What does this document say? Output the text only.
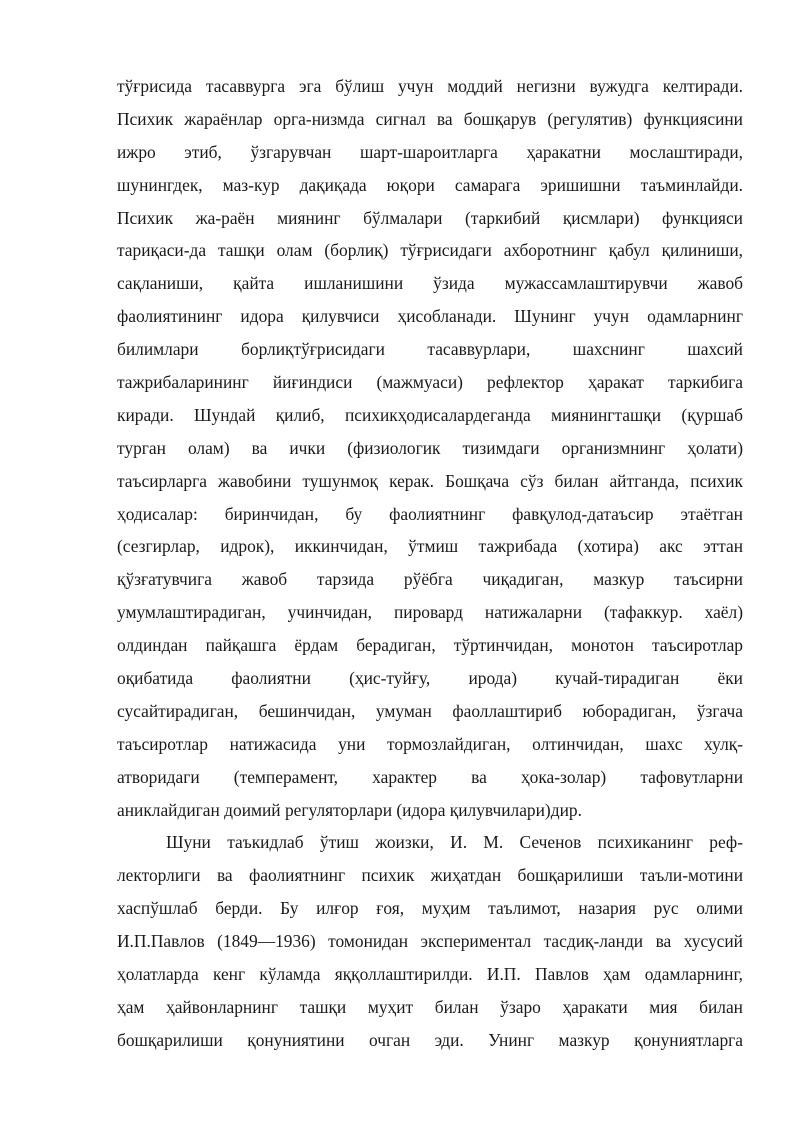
тўғрисида тасаввурга эга бўлиш учун моддий негизни вужудга келтиради.
Психик жараёнлар орга-низмда сигнал ва бошқарув (регулятив) функциясини
ижро этиб, ўзгарувчан шарт-шароитларга ҳаракатни мослаштиради,
шунингдек, маз-кур дақиқада юқори самарага эришишни таъминлайди.
Психик жа-раён миянинг бўлмалари (таркибий қисмлари) функцияси
тариқаси-да ташқи олам (борлиқ) тўғрисидаги ахборотнинг қабул қилиниши,
сақланиши, қайта ишланишини ўзида мужассамлаштирувчи жавоб
фаолиятининг идора қилувчиси ҳисобланади. Шунинг учун одамларнинг
билимлари борлиқтўғрисидаги тасаввурлари, шахснинг шахсий
тажрибаларининг йиғиндиси (мажмуаси) рефлектор ҳаракат таркибига
киради. Шундай қилиб, психикҳодисалардеганда миянингташқи (қуршаб
турган олам) ва ички (физиологик тизимдаги организмнинг ҳолати)
таъсирларга жавобини тушунмоқ керак. Бошқача сўз билан айтганда, психик
ҳодисалар: биринчидан, бу фаолиятнинг фавқулод-датаъсир этаётган
(сезгирлар, идрок), иккинчидан, ўтмиш тажрибада (хотира) акс эттан
қўзғатувчига жавоб тарзида рўёбга чиқадиган, мазкур таъсирни
умумлаштирадиган, учинчидан, пировард натижаларни (тафаккур. хаёл)
олдиндан пайқашга ёрдам берадиган, тўртинчидан, монотон таъсиротлар
оқибатида фаолиятни (ҳис-туйғу, ирода) кучай-тирадиган ёки
сусайтирадиган, бешинчидан, умуман фаоллаштириб юборадиган, ўзгача
таъсиротлар натижасида уни тормозлайдиган, олтинчидан, шахс хулқ-
атворидаги (темперамент, характер ва ҳока-золар) тафовутларни
аниклайдиган доимий регуляторлари (идора қилувчилари)дир.
Шуни таъкидлаб ўтиш жоизки, И. М. Сеченов психиканинг реф-
лекторлиги ва фаолиятнинг психик жиҳатдан бошқарилиши таъли-мотини
хаспўшлаб берди. Бу илғор ғоя, муҳим таълимот, назария рус олими
И.П.Павлов (1849—1936) томонидан экспериментал тасдиқ-ланди ва хусусий
ҳолатларда кенг кўламда яққоллаштирилди. И.П. Павлов ҳам одамларнинг,
ҳам ҳайвонларнинг ташқи муҳит билан ўзаро ҳаракати мия билан
бошқарилиши қонуниятини очган эди. Унинг мазкур қонуниятларга
